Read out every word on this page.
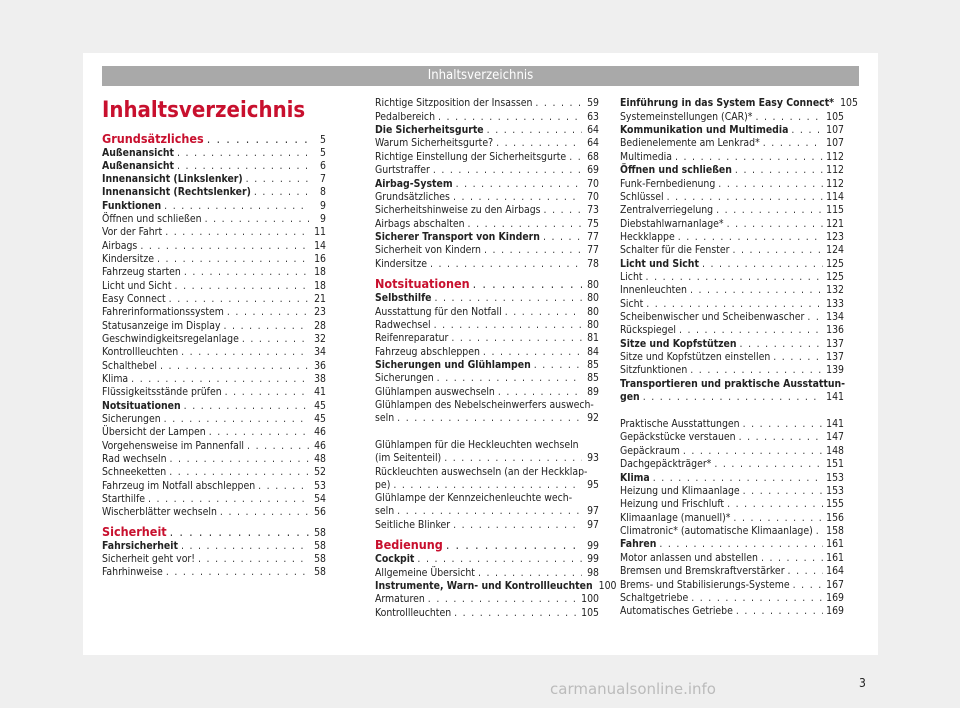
Inhaltsverzeichnis
Inhaltsverzeichnis
Grundsätzliches . . .	5
Außenansicht . . .	5
Außenansicht . . .	6
Innenansicht (Linkslenker) . . .	7
Innenansicht (Rechtslenker) . . .	8
Funktionen . . .	9
Öffnen und schließen . . .	9
Vor der Fahrt . . .	11
Airbags . . .	14
Kindersitze . . .	16
Fahrzeug starten . . .	18
Licht und Sicht . . .	18
Easy Connect . . .	21
Fahrerinformationssystem . . .	23
Statusanzeige im Display . . .	28
Geschwindigkeitsregelanlage . . .	32
Kontrollleuchten . . .	34
Schalthebel . . .	36
Klima . . .	38
Flüssigkeitsstände prüfen . . .	41
Notsituationen . . .	45
Sicherungen . . .	45
Übersicht der Lampen . . .	46
Vorgehensweise im Pannenfall . . .	46
Rad wechseln . . .	48
Schneeketten . . .	52
Fahrzeug im Notfall abschleppen . . .	53
Starthilfe . . .	54
Wischerblätter wechseln . . .	56
Sicherheit . . .	58
Fahrsicherheit . . .	58
Sicherheit geht vor! . . .	58
Fahrhinweise . . .	58
Richtige Sitzposition der Insassen . . .	59
Pedalbereich . . .	63
Die Sicherheitsgurte . . .	64
Warum Sicherheitsgurte? . . .	64
Richtige Einstellung der Sicherheitsgurte . . . 68
Gurtstraffer . . .	69
Airbag-System . . .	70
Grundsätzliches . . .	70
Sicherheitshinweise zu den Airbags . . .	73
Airbags abschalten . . .	75
Sicherer Transport von Kindern . . .	77
Sicherheit von Kindern . . .	77
Kindersitze . . .	78
Notsituationen . . .	80
Selbsthilfe . . .	80
Ausstattung für den Notfall . . .	80
Radwechsel . . .	80
Reifenreparatur . . .	81
Fahrzeug abschleppen . . .	84
Sicherungen und Glühlampen . . .	85
Sicherungen . . .	85
Glühlampen auswechseln . . .	89
Glühlampen des Nebelscheinwerfers auswech-
seln . . .	92
Glühlampen für die Heckleuchten wechseln
(im Seitenteil) . . .	93
Rückleuchten auswechseln (an der Heckklap-
pe) . . .	95
Glühlampe der Kennzeichenleuchte wech-
seln . . .	97
Seitliche Blinker . . .	97
Bedienung . . .	99
Cockpit . . .	99
Allgemeine Übersicht . . .	98
Instrumente, Warn- und Kontrollleuchten 100
Armaturen . . .	100
Kontrollleuchten . . .	105
Einführung in das System Easy Connect* 105
Systemeinstellungen (CAR)* . . .	105
Kommunikation und Multimedia . . .	107
Bedienelemente am Lenkrad* . . .	107
Multimedia . . .	112
Öffnen und schließen . . .	112
Funk-Fernbedienung . . .	112
Schlüssel . . .	114
Zentralverriegelung . . .	115
Diebstahlwarnanlage* . . .	121
Heckklappe . . .	123
Schalter für die Fenster . . .	124
Licht und Sicht . . .	125
Licht . . .	125
Innenleuchten . . .	132
Sicht . . .	133
Scheibenwischer und Scheibenwascher . . . 134
Rückspiegel . . .	136
Sitze und Kopfstützen . . .	137
Sitze und Kopfstützen einstellen . . .	137
Sitzfunktionen . . .	139
Transportieren und praktische Ausstattun-
gen . . .	141
Praktische Ausstattungen . . .	141
Gepäckstücke verstauen . . .	147
Gepäckraum . . .	148
Dachgepäckträger* . . .	151
Klima . . .	153
Heizung und Klimaanlage . . .	153
Heizung und Frischluft . . .	155
Klimaanlage (manuell)* . . .	156
Climatronic* (automatische Klimaanlage) . . . 158
Fahren . . .	161
Motor anlassen und abstellen . . .	161
Bremsen und Bremskraftverstärker . . .	164
Brems- und Stabilisierungs-Systeme . . .	167
Schaltgetriebe . . .	169
Automatisches Getriebe . . .	169
3
carmanualsonline.info
